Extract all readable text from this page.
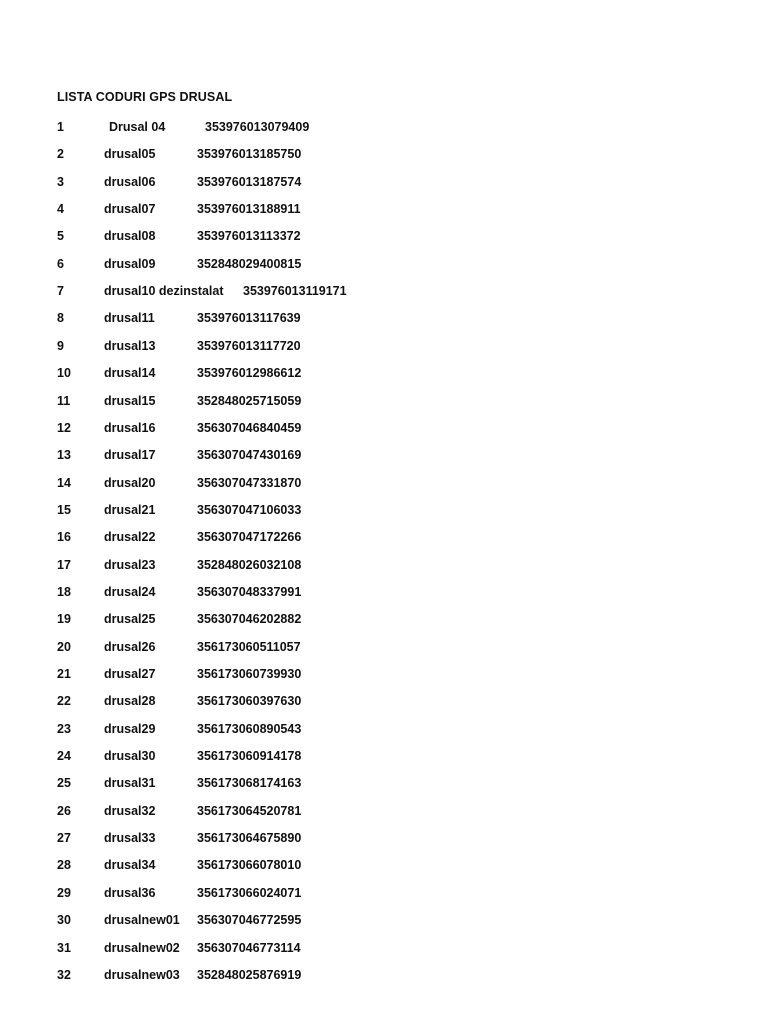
LISTA CODURI GPS DRUSAL
1	Drusal 04	353976013079409
2	drusal05	353976013185750
3	drusal06	353976013187574
4	drusal07	353976013188911
5	drusal08	353976013113372
6	drusal09	352848029400815
7	drusal10 dezinstalat 353976013119171
8	drusal11	353976013117639
9	drusal13	353976013117720
10	drusal14	353976012986612
11	drusal15	352848025715059
12	drusal16	356307046840459
13	drusal17	356307047430169
14	drusal20	356307047331870
15	drusal21	356307047106033
16	drusal22	356307047172266
17	drusal23	352848026032108
18	drusal24	356307048337991
19	drusal25	356307046202882
20	drusal26	356173060511057
21	drusal27	356173060739930
22	drusal28	356173060397630
23	drusal29	356173060890543
24	drusal30	356173060914178
25	drusal31	356173068174163
26	drusal32	356173064520781
27	drusal33	356173064675890
28	drusal34	356173066078010
29	drusal36	356173066024071
30	drusalnew01 356307046772595
31	drusalnew02 356307046773114
32	drusalnew03 352848025876919
